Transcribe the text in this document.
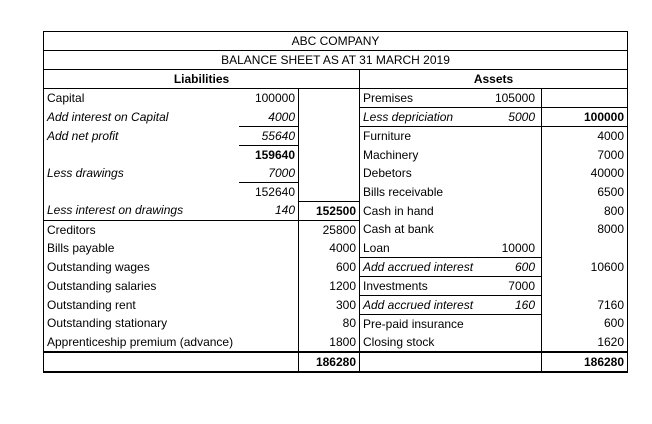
ABC COMPANY					
BALANCE SHEET AS AT 31 MARCH 2019					
Liabilities			Assets		
Capital	100000		Premises	105000	
Add interest on Capital	4000		Less depriciation	5000	100000
Add net profit	55640		Furniture		4000
	159640		Machinery		7000
Less drawings	7000		Debetors		40000
	152640		Bills receivable		6500
Less interest on drawings	140	152500	Cash in hand		800
Creditors		25800	Cash at bank		8000
Bills payable		4000	Loan	10000	
Outstanding wages		600	Add accrued interest	600	10600
Outstanding salaries		1200	Investments	7000	
Outstanding rent		300	Add accrued interest	160	7160
Outstanding stationary		80	Pre-paid insurance		600
Apprenticeship premium (advance)		1800	Closing stock		1620
		186280			186280
